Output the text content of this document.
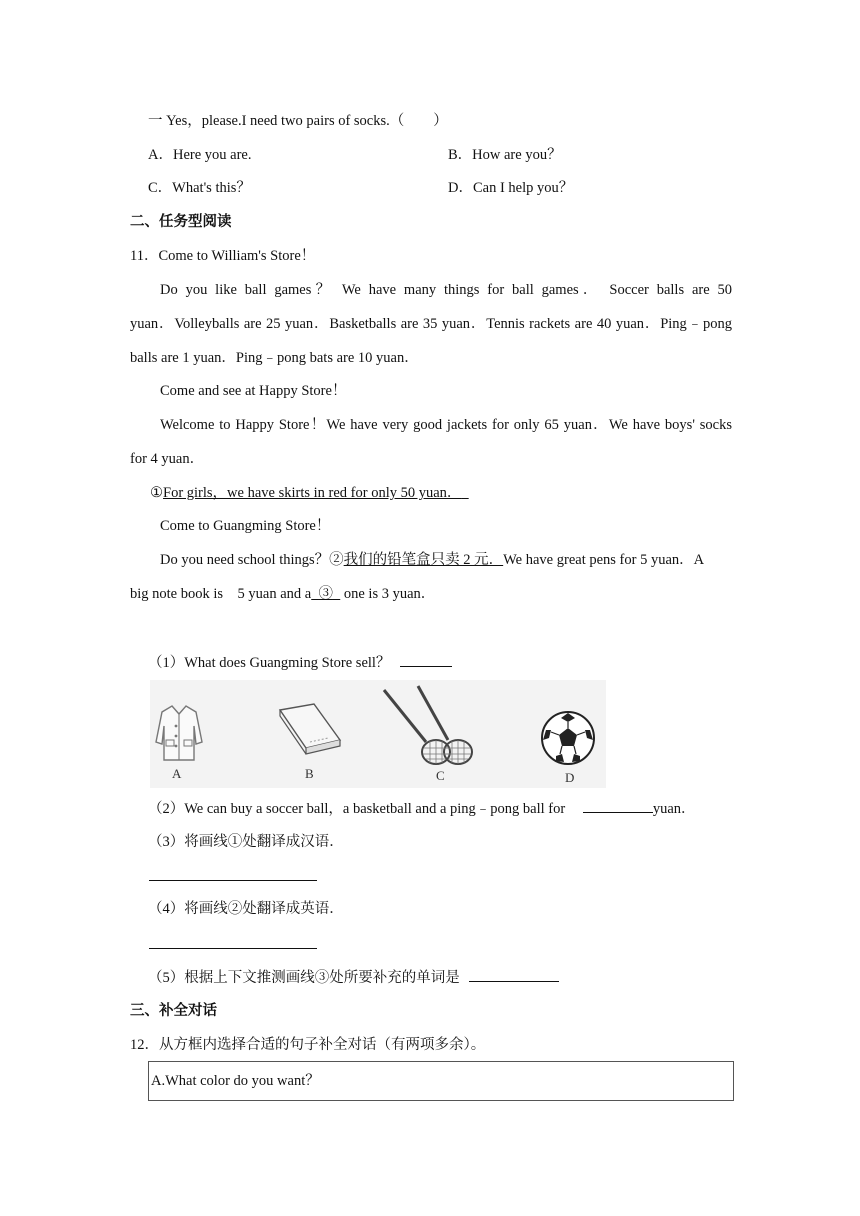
一 Yes，please.I need two pairs of socks.（　　）
A．Here you are.	B．How are you？
C．What's this？	D．Can I help you？
二、任务型阅读
11．Come to William's Store！
Do you like ball games？ We have many things for ball games． Soccer balls are 50
yuan．Volleyballs are 25 yuan．Basketballs are 35 yuan．Tennis rackets are 40 yuan．Ping﹣pong
balls are 1 yuan．Ping﹣pong bats are 10 yuan．
Come and see at Happy Store！
Welcome to Happy Store！We have very good jackets for only 65 yuan．We have boys' socks
for 4 yuan．
①For girls，we have skirts in red for only 50 yuan．
Come to Guangming Store！
Do you need school things？②我们的铅笔盒只卖 2 元．We have great pens for 5 yuan．A
big note book is　5 yuan and a ③   one is 3 yuan．
（1）What does Guangming Store sell？
A	B	C	D
（2）We can buy a soccer ball，a basketball and a ping﹣pong ball for	yuan．
（3）将画线①处翻译成汉语．
（4）将画线②处翻译成英语．
（5）根据上下文推测画线③处所要补充的单词是
三、补全对话
12．从方框内选择合适的句子补全对话（有两项多余）。
A.What color do you want？
